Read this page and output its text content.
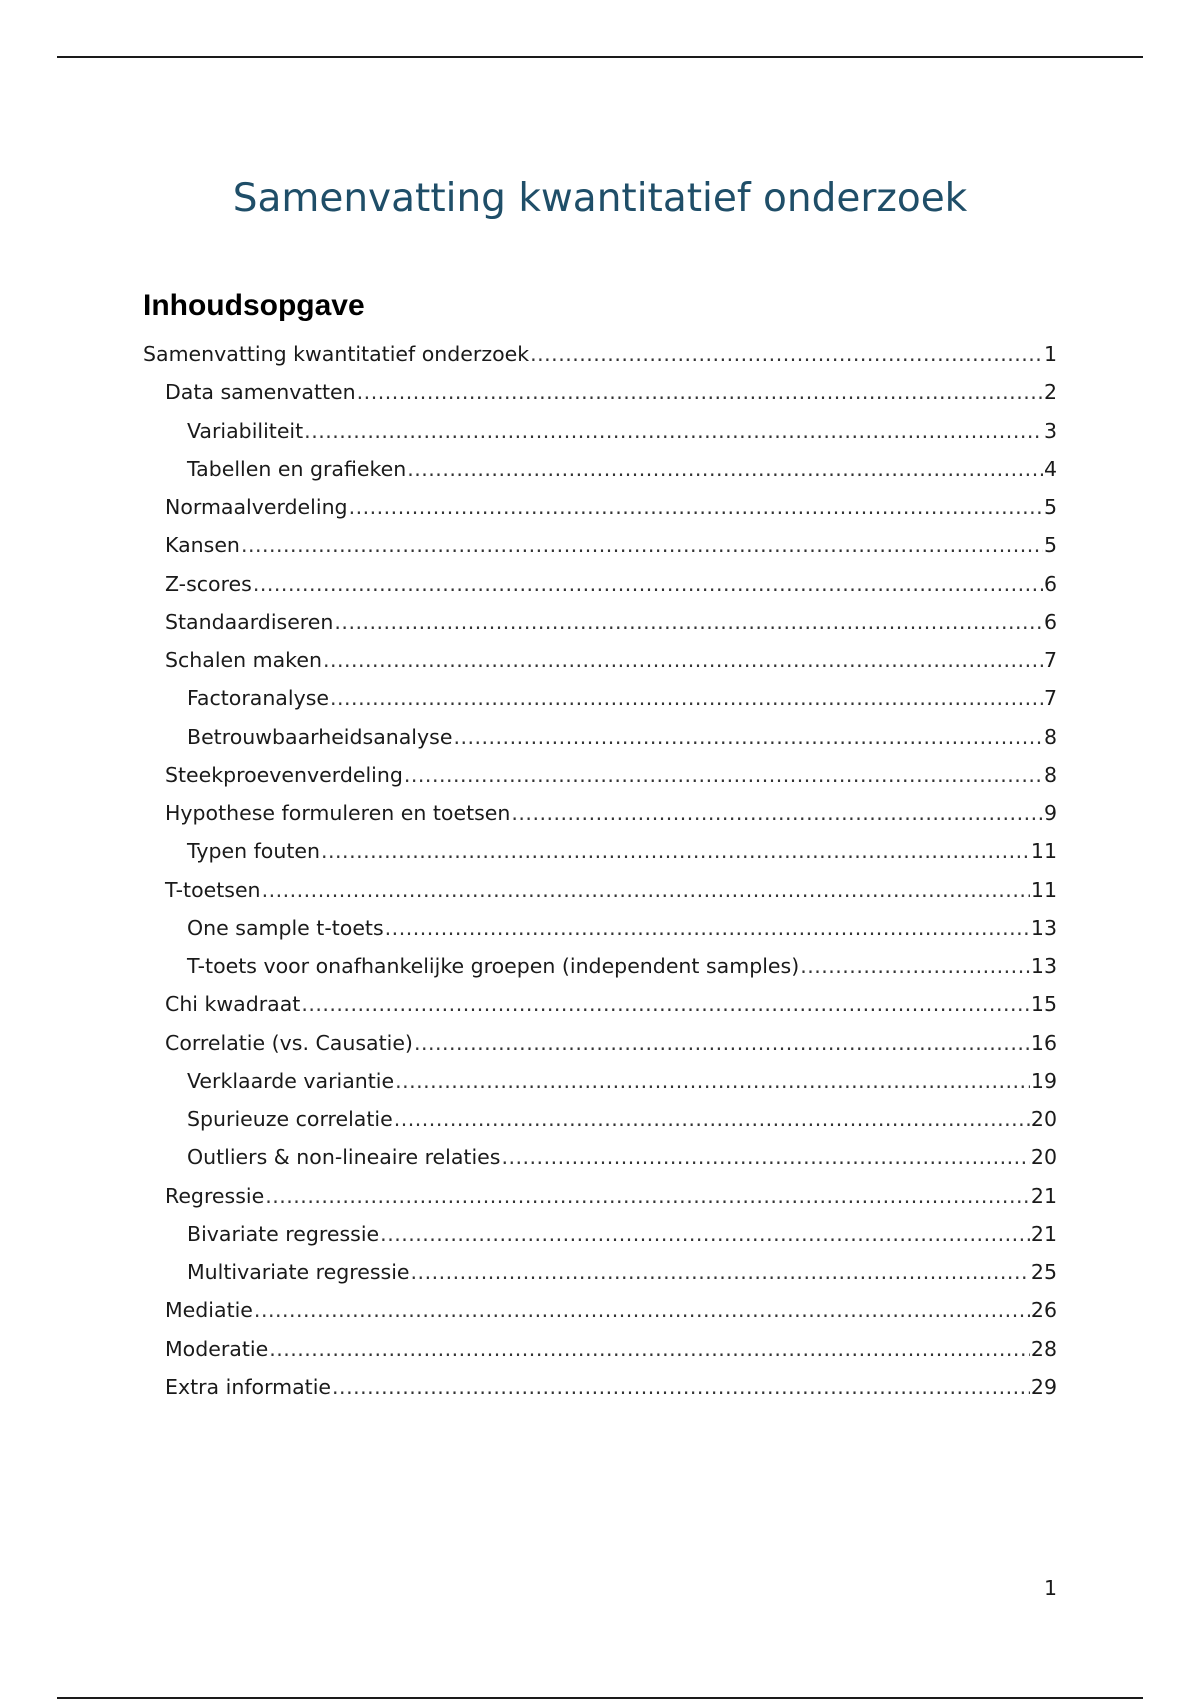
Samenvatting kwantitatief onderzoek
Inhoudsopgave
Samenvatting kwantitatief onderzoek .....	1
Data samenvatten .....	2
Variabiliteit .....	3
Tabellen en grafieken .....	4
Normaalverdeling .....	5
Kansen .....	5
Z-scores .....	6
Standaardiseren .....	6
Schalen maken .....	7
Factoranalyse .....	7
Betrouwbaarheidsanalyse .....	8
Steekproevenverdeling .....	8
Hypothese formuleren en toetsen .....	9
Typen fouten .....	11
T-toetsen .....	11
One sample t-toets .....	13
T-toets voor onafhankelijke groepen (independent samples) .....	13
Chi kwadraat .....	15
Correlatie (vs. Causatie) .....	16
Verklaarde variantie .....	19
Spurieuze correlatie .....	20
Outliers & non-lineaire relaties .....	20
Regressie .....	21
Bivariate regressie .....	21
Multivariate regressie .....	25
Mediatie .....	26
Moderatie .....	28
Extra informatie .....	29
1
